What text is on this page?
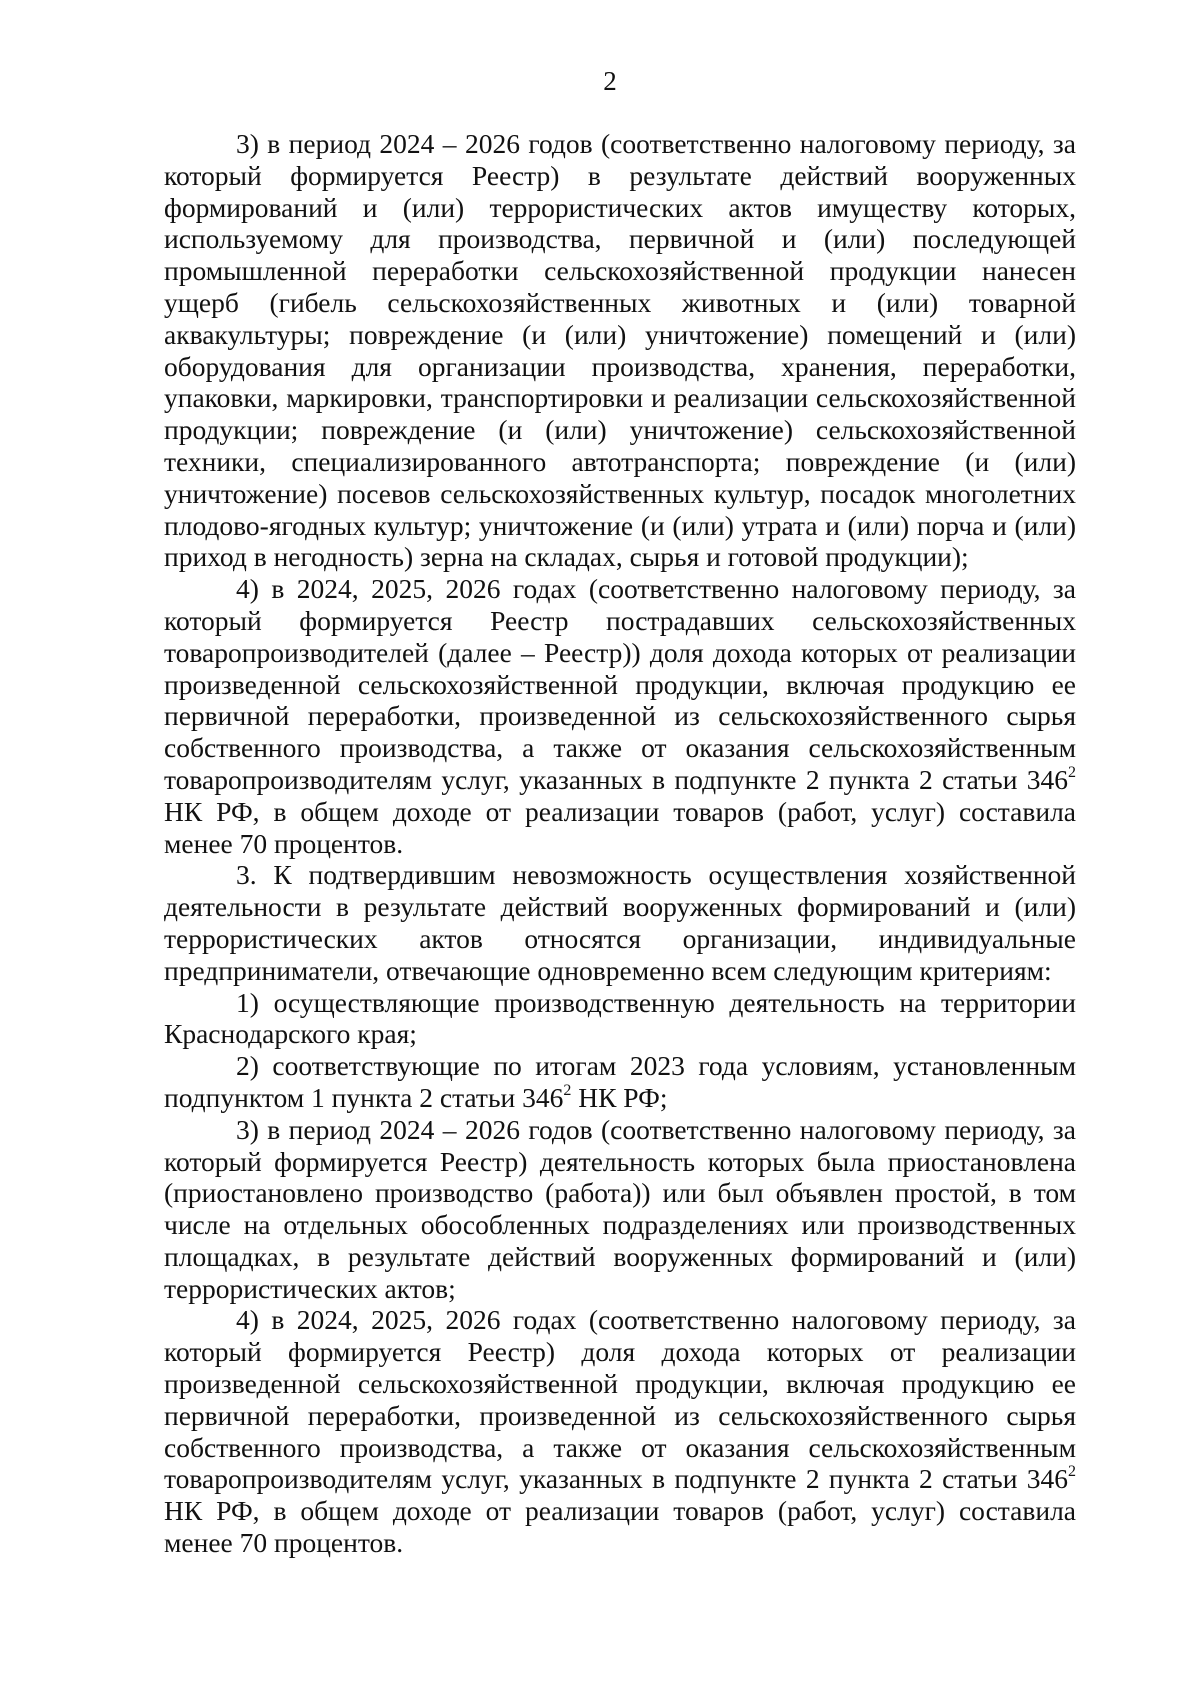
2

3) в период 2024 – 2026 годов (соответственно налоговому периоду, за который формируется Реестр) в результате действий вооруженных формирований и (или) террористических актов имуществу которых, используемому для производства, первичной и (или) последующей промышленной переработки сельскохозяйственной продукции нанесен ущерб (гибель сельскохозяйственных животных и (или) товарной аквакультуры; повреждение (и (или) уничтожение) помещений и (или) оборудования для организации производства, хранения, переработки, упаковки, маркировки, транспортировки и реализации сельскохозяйственной продукции; повреждение (и (или) уничтожение) сельскохозяйственной техники, специализированного автотранспорта; повреждение (и (или) уничтожение) посевов сельскохозяйственных культур, посадок многолетних плодово-ягодных культур; уничтожение (и (или) утрата и (или) порча и (или) приход в негодность) зерна на складах, сырья и готовой продукции);

4) в 2024, 2025, 2026 годах (соответственно налоговому периоду, за который формируется Реестр пострадавших сельскохозяйственных товаропроизводителей (далее – Реестр)) доля дохода которых от реализации произведенной сельскохозяйственной продукции, включая продукцию ее первичной переработки, произведенной из сельскохозяйственного сырья собственного производства, а также от оказания сельскохозяйственным товаропроизводителям услуг, указанных в подпункте 2 пункта 2 статьи $346^2$ НК РФ, в общем доходе от реализации товаров (работ, услуг) составила менее 70 процентов.

3. К подтвердившим невозможность осуществления хозяйственной деятельности в результате действий вооруженных формирований и (или) террористических актов относятся организации, индивидуальные предприниматели, отвечающие одновременно всем следующим критериям:

1) осуществляющие производственную деятельность на территории Краснодарского края;

2) соответствующие по итогам 2023 года условиям, установленным подпунктом 1 пункта 2 статьи $346^2$ НК РФ;

3) в период 2024 – 2026 годов (соответственно налоговому периоду, за который формируется Реестр) деятельность которых была приостановлена (приостановлено производство (работа)) или был объявлен простой, в том числе на отдельных обособленных подразделениях или производственных площадках, в результате действий вооруженных формирований и (или) террористических актов;

4) в 2024, 2025, 2026 годах (соответственно налоговому периоду, за который формируется Реестр) доля дохода которых от реализации произведенной сельскохозяйственной продукции, включая продукцию ее первичной переработки, произведенной из сельскохозяйственного сырья собственного производства, а также от оказания сельскохозяйственным товаропроизводителям услуг, указанных в подпункте 2 пункта 2 статьи $346^2$ НК РФ, в общем доходе от реализации товаров (работ, услуг) составила менее 70 процентов.
